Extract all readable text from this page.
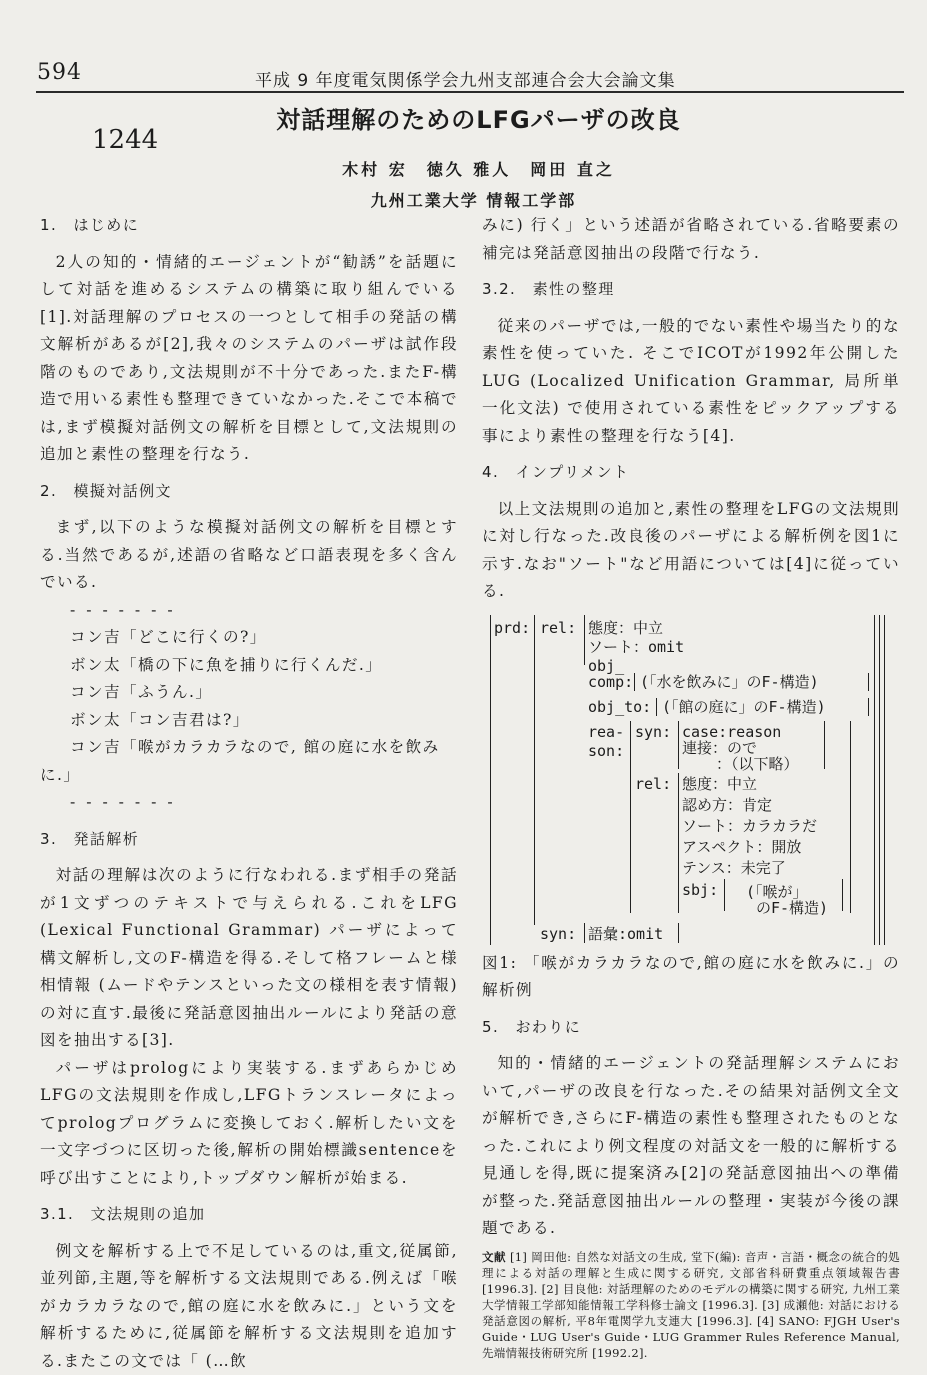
594	平成 9 年度電気関係学会九州支部連合会大会論文集
対話理解のためのLFGパーザの改良
1244
木村 宏　徳久 雅人　岡田 直之
九州工業大学 情報工学部

1.　はじめに

2人の知的・情緒的エージェントが“勧誘”を話題にして対話を進めるシステムの構築に取り組んでいる[1].対話理解のプロセスの一つとして相手の発話の構文解析があるが[2],我々のシステムのパーザは試作段階のものであり,文法規則が不十分であった.またF-構造で用いる素性も整理できていなかった.そこで本稿では,まず模擬対話例文の解析を目標として,文法規則の追加と素性の整理を行なう.

2.　模擬対話例文

まず,以下のような模擬対話例文の解析を目標とする.当然であるが,述語の省略など口語表現を多く含んでいる.

- - - - - - -

コン吉「どこに行くの?」

ボン太「橋の下に魚を捕りに行くんだ.」

コン吉「ふうん.」

ボン太「コン吉君は?」

コン吉「喉がカラカラなので, 館の庭に水を飲みに.」

- - - - - - -

3.　発話解析

対話の理解は次のように行なわれる.まず相手の発話が1文ずつのテキストで与えられる.これをLFG (Lexical Functional Grammar) パーザによって構文解析し,文のF-構造を得る.そして格フレームと様相情報 (ムードやテンスといった文の様相を表す情報) の対に直す.最後に発話意図抽出ルールにより発話の意図を抽出する[3].

パーザはprologにより実装する.まずあらかじめLFGの文法規則を作成し,LFGトランスレータによってprologプログラムに変換しておく.解析したい文を一文字づつに区切った後,解析の開始標識sentenceを呼び出すことにより,トップダウン解析が始まる.

3.1.　文法規則の追加

例文を解析する上で不足しているのは,重文,従属節,並列節,主題,等を解析する文法規則である.例えば「喉がカラカラなので,館の庭に水を飲みに.」という文を解析するために,従属節を解析する文法規則を追加する.またこの文では「 (…飲

みに) 行く」という述語が省略されている.省略要素の補完は発話意図抽出の段階で行なう.

3.2.　素性の整理

従来のパーザでは,一般的でない素性や場当たり的な素性を使っていた. そこでICOTが1992年公開したLUG (Localized Unification Grammar, 局所単一化文法) で使用されている素性をピックアップする事により素性の整理を行なう[4].

4.　インプリメント

以上文法規則の追加と,素性の整理をLFGの文法規則に対し行なった.改良後のパーザによる解析例を図1に示す.なお"ソート"など用語については[4]に従っている.

prd: rel: 態度：中立
ソート：omit
obj_
comp: (「水を飲みに」のF-構造)
obj_to: (「館の庭に」のF-構造)
rea-
son:
syn: case:reason
連接：ので
：（以下略）
rel: 態度：中立
認め方：肯定
ソート：カラカラだ
アスペクト：開放
テンス：未完了
sbj: (「喉が」
のF-構造)
syn: 語彙:omit

図1: 「喉がカラカラなので,館の庭に水を飲みに.」の解析例

5.　おわりに

知的・情緒的エージェントの発話理解システムにおいて,パーザの改良を行なった.その結果対話例文全文が解析でき,さらにF-構造の素性も整理されたものとなった.これにより例文程度の対話文を一般的に解析する見通しを得,既に提案済み[2]の発話意図抽出への準備が整った.発話意図抽出ルールの整理・実装が今後の課題である.

文献 [1] 岡田他: 自然な対話文の生成, 堂下(編): 音声・言語・概念の統合的処理による対話の理解と生成に関する研究, 文部省科研費重点領域報告書 [1996.3]. [2] 目良他: 対話理解のためのモデルの構築に関する研究, 九州工業大学情報工学部知能情報工学科修士論文 [1996.3]. [3] 成瀬他: 対話における発話意図の解析, 平8年電関学九支連大 [1996.3]. [4] SANO: FJGH User's Guide・LUG User's Guide・LUG Grammer Rules Reference Manual, 先端情報技術研究所 [1992.2].
